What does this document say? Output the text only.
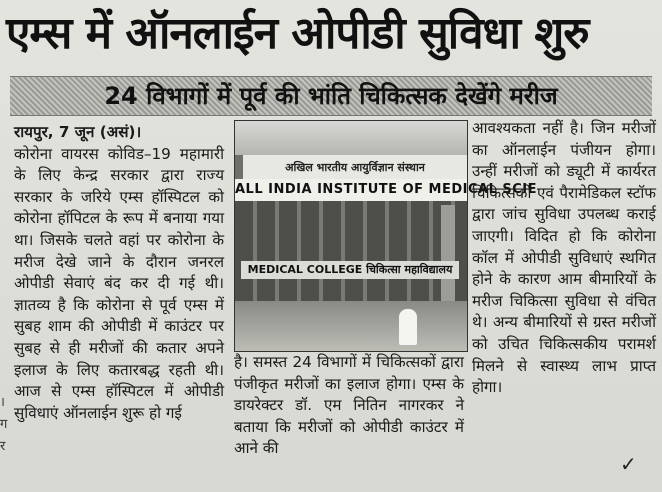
एम्स में ऑनलाईन ओपीडी सुविधा शुरु
24 विभागों में पूर्व की भांति चिकित्सक देखेंगे मरीज

रायपुर, 7 जून (असं)।

कोरोना वायरस कोविड–19 महामारी के लिए केन्द्र सरकार द्वारा राज्य सरकार के जरिये एम्स हॉस्पिटल को कोरोना हॉपिटल के रूप में बनाया गया था। जिसके चलते वहां पर कोरोना के मरीज देखे जाने के दौरान जनरल ओपीडी सेवाएं बंद कर दी गई थी। ज्ञातव्य है कि कोरोना से पूर्व एम्स में सुबह शाम की ओपीडी में काउंटर पर सुबह से ही मरीजों की कतार अपने इलाज के लिए कतारबद्ध रहती थी। आज से एम्स हॉस्पिटल में ओपीडी सुविधाएं ऑनलाईन शुरू हो गई

अखिल भारतीय आयुर्विज्ञान संस्थान
ALL INDIA INSTITUTE OF MEDICAL SCIE
MEDICAL COLLEGE चिकित्सा महाविद्यालय

है। समस्त 24 विभागों में चिकित्सकों द्वारा पंजीकृत मरीजों का इलाज होगा। एम्स के डायरेक्टर डॉ. एम नितिन नागरकर ने बताया कि मरीजों को ओपीडी काउंटर में आने की

आवश्यकता नहीं है। जिन मरीजों का ऑनलाईन पंजीयन होगा। उन्हीं मरीजों को ड्यूटी में कार्यरत चिकित्सकों एवं पैरामेडिकल स्टॉफ द्वारा जांच सुविधा उपलब्ध कराई जाएगी। विदित हो कि कोरोना कॉल में ओपीडी सुविधाएं स्थगित होने के कारण आम बीमारियों के मरीज चिकित्सा सुविधा से वंचित थे। अन्य बीमारियों से ग्रस्त मरीजों को उचित चिकित्सकीय परामर्श मिलने से स्वास्थ्य लाभ प्राप्त होगा।

।
ग
र
✓
